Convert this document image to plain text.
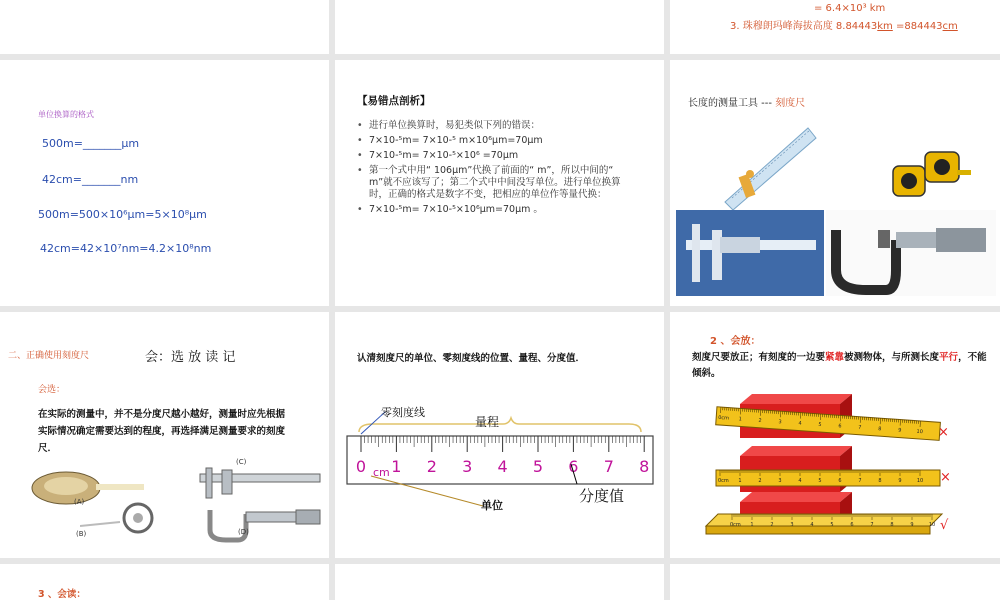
= 6.4×10³ km
3. 珠穆朗玛峰海拔高度 8.84443km =884443cm
单位换算的格式
500m=_______μm
42cm=_______nm
500m=500×10⁶μm=5×10⁸μm
42cm=42×10⁷nm=4.2×10⁸nm
【易错点剖析】
• 进行单位换算时，易犯类似下列的错误：
• 7×10-⁵m= 7×10-⁵ m×10⁶μm=70μm
• 7×10-⁵m= 7×10-⁵×10⁶ =70μm
• 第一个式中用“ 106μm”代换了前面的“ m”，所以中间的“ m”就不应该写了；第二个式中中间没写单位。进行单位换算时，正确的格式是数字不变，把相应的单位作等量代换：
• 7×10-⁵m= 7×10-⁵×10⁶μm=70μm 。
长度的测量工具 --- 刻度尺
二、正确使用刻度尺	会：选 放 读 记
会选：
在实际的测量中，并不是分度尺越小越好，测量时应先根据实际情况确定需要达到的程度，再选择满足测量要求的刻度尺．
(A)
(B)
(C)
(D)
认清刻度尺的单位、零刻度线的位置、量程、分度值．
0 1 2 3 4 5 6 7 8
cm
零刻度线
量程
单位
分度值
2 、会放：
刻度尺要放正；有刻度的一边要紧靠被测物体，与所测长度平行，不能倾斜。
0cm 1	2	3	4	5	6	7	8	9	10
0cm 1	2	3	4	5	6	7	8	9	10
0cm 1	2	3	4	5	6	7	8	9	10
×
×
√
3 、会读：
